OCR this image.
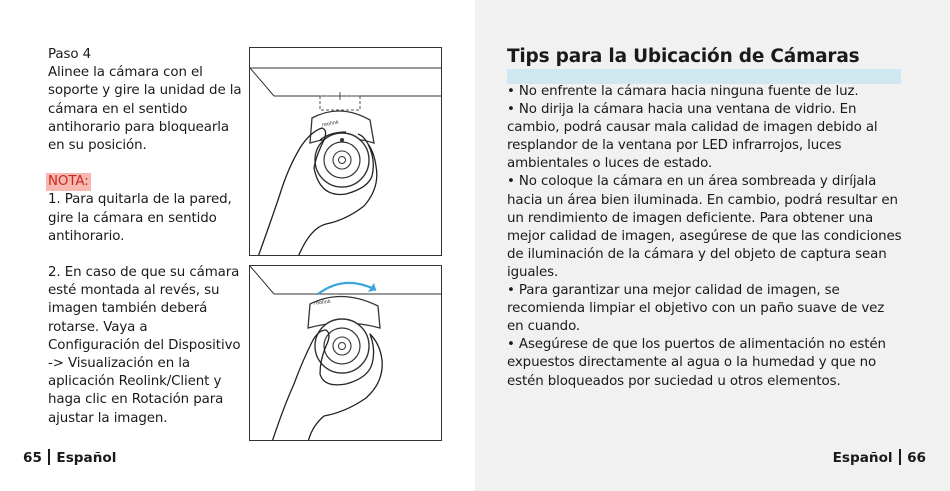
Paso 4

Alinee la cámara con el soporte y gire la unidad de la cámara en el sentido antihorario para bloquearla en su posición.

NOTA:

1. Para quitarla de la pared, gire la cámara en sentido antihorario.

2. En caso de que su cámara esté montada al revés, su imagen también deberá rotarse. Vaya a Configuración del Dispositivo -> Visualización en la aplicación Reolink/Client y haga clic en Rotación para ajustar la imagen.

reolink
reolink
65 Español
Tips para la Ubicación de Cámaras

• No enfrente la cámara hacia ninguna fuente de luz.

• No dirija la cámara hacia una ventana de vidrio. En cambio, podrá causar mala calidad de imagen debido al resplandor de la ventana por LED infrarrojos, luces ambientales o luces de estado.

• No coloque la cámara en un área sombreada y diríjala hacia un área bien iluminada. En cambio, podrá resultar en un rendimiento de imagen deficiente. Para obtener una mejor calidad de imagen, asegúrese de que las condiciones de iluminación de la cámara y del objeto de captura sean iguales.

• Para garantizar una mejor calidad de imagen, se recomienda limpiar el objetivo con un paño suave de vez en cuando.

• Asegúrese de que los puertos de alimentación no estén expuestos directamente al agua o la humedad y que no estén bloqueados por suciedad u otros elementos.

Español 66
